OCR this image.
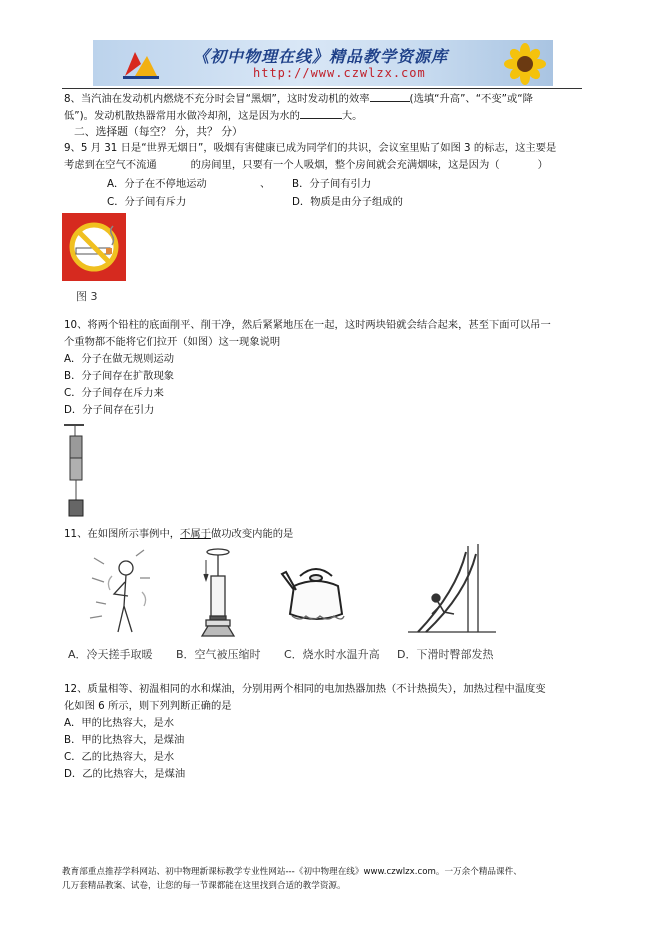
《初中物理在线》精品教学资源库
http://www.czwlzx.com
8、当汽油在发动机内燃烧不充分时会冒“黑烟”，这时发动机的效率	(选填“升高”、“不变”或“降
低”)。发动机散热器常用水做冷却剂，这是因为水的	大。
二、选择题（每空？ 分，共？ 分）
9、5 月 31 日是“世界无烟日”，吸烟有害健康已成为同学们的共识，会议室里贴了如图 3 的标志，这主要是
考虑到在空气不流通	的房间里，只要有一个人吸烟，整个房间就会充满烟味，这是因为（	）
A．分子在不停地运动	、 B．分子间有引力
C．分子间有斥力	D．物质是由分子组成的
图 3
10、将两个铅柱的底面削平、削干净，然后紧紧地压在一起，这时两块铅就会结合起来，甚至下面可以吊一
个重物都不能将它们拉开（如图）这一现象说明
A．分子在做无规则运动
B．分子间存在扩散现象
C．分子间存在斥力来
D．分子间存在引力
11、在如图所示事例中，不属于做功改变内能的是
A．冷天搓手取暖 B．空气被压缩时 C．烧水时水温升高 D．下滑时臀部发热
12、质量相等、初温相同的水和煤油，分别用两个相同的电加热器加热（不计热损失），加热过程中温度变
化如图 6 所示，则下列判断正确的是
A．甲的比热容大，是水
B．甲的比热容大，是煤油
C．乙的比热容大，是水
D．乙的比热容大，是煤油
教育部重点推荐学科网站、初中物理新课标教学专业性网站---《初中物理在线》www.czwlzx.com。一万余个精品课件、
几万套精品教案、试卷，让您的每一节课都能在这里找到合适的教学资源。
